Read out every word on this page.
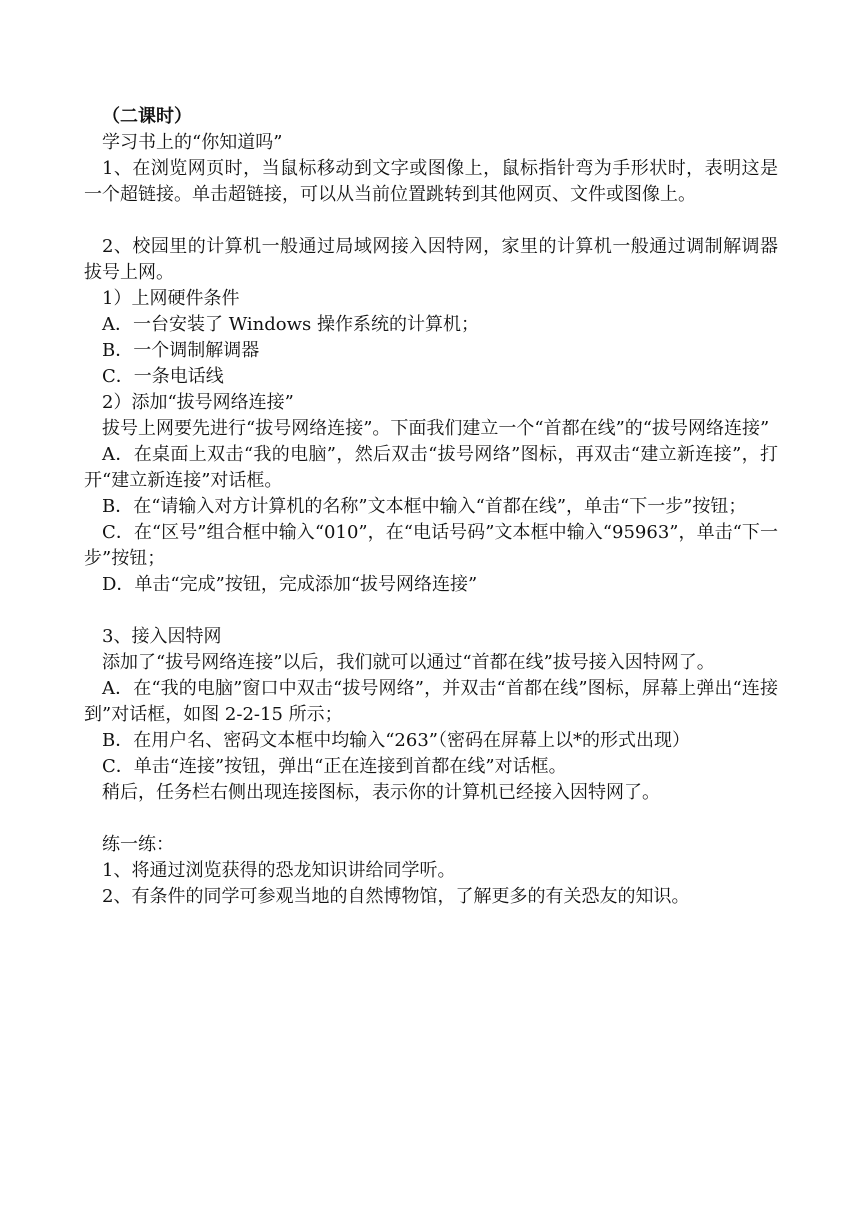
（二课时）

学习书上的“你知道吗”

1、在浏览网页时，当鼠标移动到文字或图像上，鼠标指针弯为手形状时，表明这是一个超链接。单击超链接，可以从当前位置跳转到其他网页、文件或图像上。

2、校园里的计算机一般通过局域网接入因特网，家里的计算机一般通过调制解调器拔号上网。

1）上网硬件条件

A．一台安装了 Windows 操作系统的计算机；

B．一个调制解调器

C．一条电话线

2）添加“拔号网络连接”

拔号上网要先进行“拔号网络连接”。下面我们建立一个“首都在线”的“拔号网络连接”

A．在桌面上双击“我的电脑”，然后双击“拔号网络”图标，再双击“建立新连接”，打开“建立新连接”对话框。

B．在“请输入对方计算机的名称”文本框中输入“首都在线”，单击“下一步”按钮；

C．在“区号”组合框中输入“010”，在“电话号码”文本框中输入“95963”，单击“下一步”按钮；

D．单击“完成”按钮，完成添加“拔号网络连接”

3、接入因特网

添加了“拔号网络连接”以后，我们就可以通过“首都在线”拔号接入因特网了。

A．在“我的电脑”窗口中双击“拔号网络”，并双击“首都在线”图标，屏幕上弹出“连接到”对话框，如图 2-2-15 所示；

B．在用户名、密码文本框中均输入“263”（密码在屏幕上以*的形式出现）

C．单击“连接”按钮，弹出“正在连接到首都在线”对话框。

稍后，任务栏右侧出现连接图标，表示你的计算机已经接入因特网了。

练一练：

1、将通过浏览获得的恐龙知识讲给同学听。

2、有条件的同学可参观当地的自然博物馆，了解更多的有关恐友的知识。
